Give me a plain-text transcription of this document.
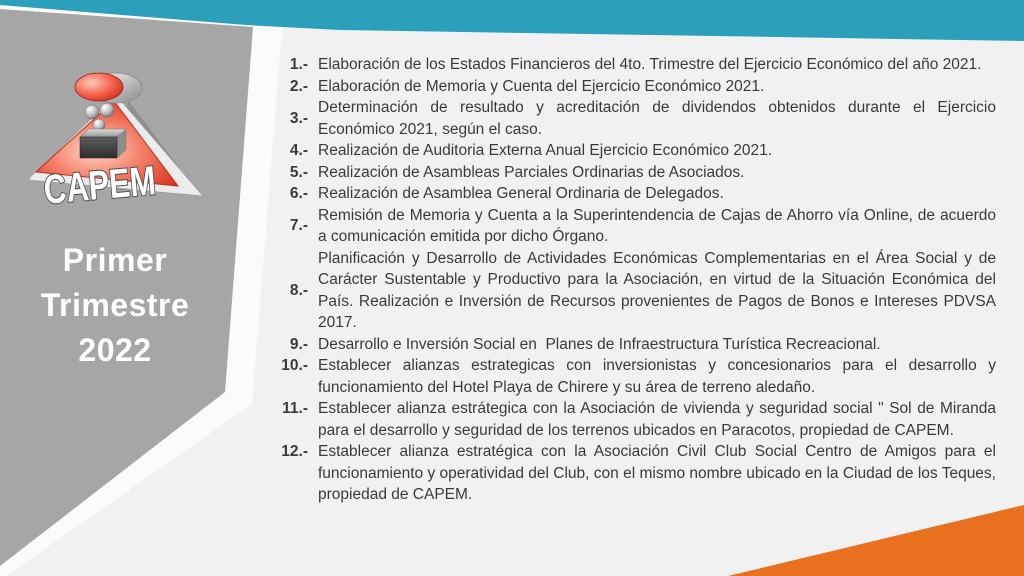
CAPEM
Primer
Trimestre
2022
1.- Elaboración de los Estados Financieros del 4to. Trimestre del Ejercicio Económico del año 2021.
2.- Elaboración de Memoria y Cuenta del Ejercicio Económico 2021.
3.-
Determinación de resultado y acreditación de dividendos obtenidos durante el Ejercicio Económico 2021, según el caso.
4.- Realización de Auditoria Externa Anual Ejercicio Económico 2021.
5.- Realización de Asambleas Parciales Ordinarias de Asociados.
6.- Realización de Asamblea General Ordinaria de Delegados.
7.-
Remisión de Memoria y Cuenta a la Superintendencia de Cajas de Ahorro vía Online, de acuerdo a comunicación emitida por dicho Órgano.
8.-
Planificación y Desarrollo de Actividades Económicas Complementarias en el Área Social y de Carácter Sustentable y Productivo para la Asociación, en virtud de la Situación Económica del País. Realización e Inversión de Recursos provenientes de Pagos de Bonos e Intereses PDVSA 2017.
9.- Desarrollo e Inversión Social en  Planes de Infraestructura Turística Recreacional.
10.- Establecer alianzas estrategicas con inversionistas y concesionarios para el desarrollo y funcionamiento del Hotel Playa de Chirere y su área de terreno aledaño.
11.- Establecer alianza estrátegica con la Asociación de vivienda y seguridad social " Sol de Miranda para el desarrollo y seguridad de los terrenos ubicados en Paracotos, propiedad de CAPEM.
12.- Establecer alianza estratégica con la Asociación Civil Club Social Centro de Amigos para el funcionamiento y operatividad del Club, con el mismo nombre ubicado en la Ciudad de los Teques, propiedad de CAPEM.
